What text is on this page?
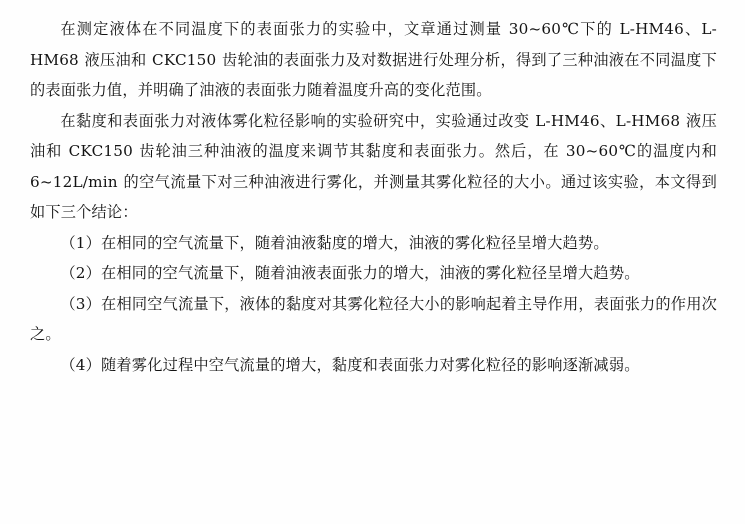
在测定液体在不同温度下的表面张力的实验中，文章通过测量 30~60℃下的 L-HM46、L-HM68 液压油和 CKC150 齿轮油的表面张力及对数据进行处理分析，得到了三种油液在不同温度下的表面张力值，并明确了油液的表面张力随着温度升高的变化范围。

在黏度和表面张力对液体雾化粒径影响的实验研究中，实验通过改变 L-HM46、L-HM68 液压油和 CKC150 齿轮油三种油液的温度来调节其黏度和表面张力。然后，在 30~60℃的温度内和 6~12L/min 的空气流量下对三种油液进行雾化，并测量其雾化粒径的大小。通过该实验，本文得到如下三个结论：

（1）在相同的空气流量下，随着油液黏度的增大，油液的雾化粒径呈增大趋势。

（2）在相同的空气流量下，随着油液表面张力的增大，油液的雾化粒径呈增大趋势。

（3）在相同空气流量下，液体的黏度对其雾化粒径大小的影响起着主导作用，表面张力的作用次之。

（4）随着雾化过程中空气流量的增大，黏度和表面张力对雾化粒径的影响逐渐减弱。
